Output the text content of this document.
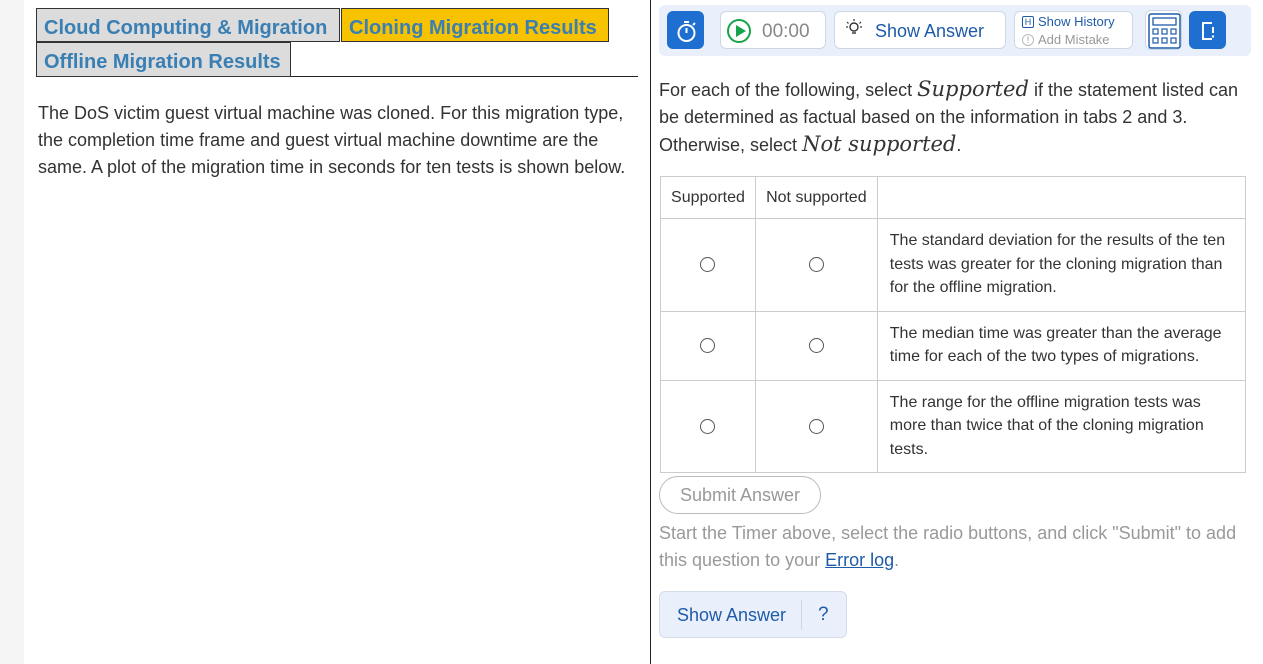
Cloud Computing & Migration	Cloning Migration Results
Offline Migration Results

The DoS victim guest virtual machine was cloned. For this migration type, the completion time frame and guest virtual machine downtime are the same. A plot of the migration time in seconds for ten tests is shown below.

00:00	Show Answer	H Show History
! Add Mistake

For each of the following, select Supported if the statement listed can be determined as factual based on the information in tabs 2 and 3. Otherwise, select Not supported.

Supported	Not supported	
		The standard deviation for the results of the ten tests was greater for the cloning migration than for the offline migration.
		The median time was greater than the average time for each of the two types of migrations.
		The range for the offline migration tests was more than twice that of the cloning migration tests.
Submit Answer

Start the Timer above, select the radio buttons, and click "Submit" to add this question to your Error log.

Show Answer ?
